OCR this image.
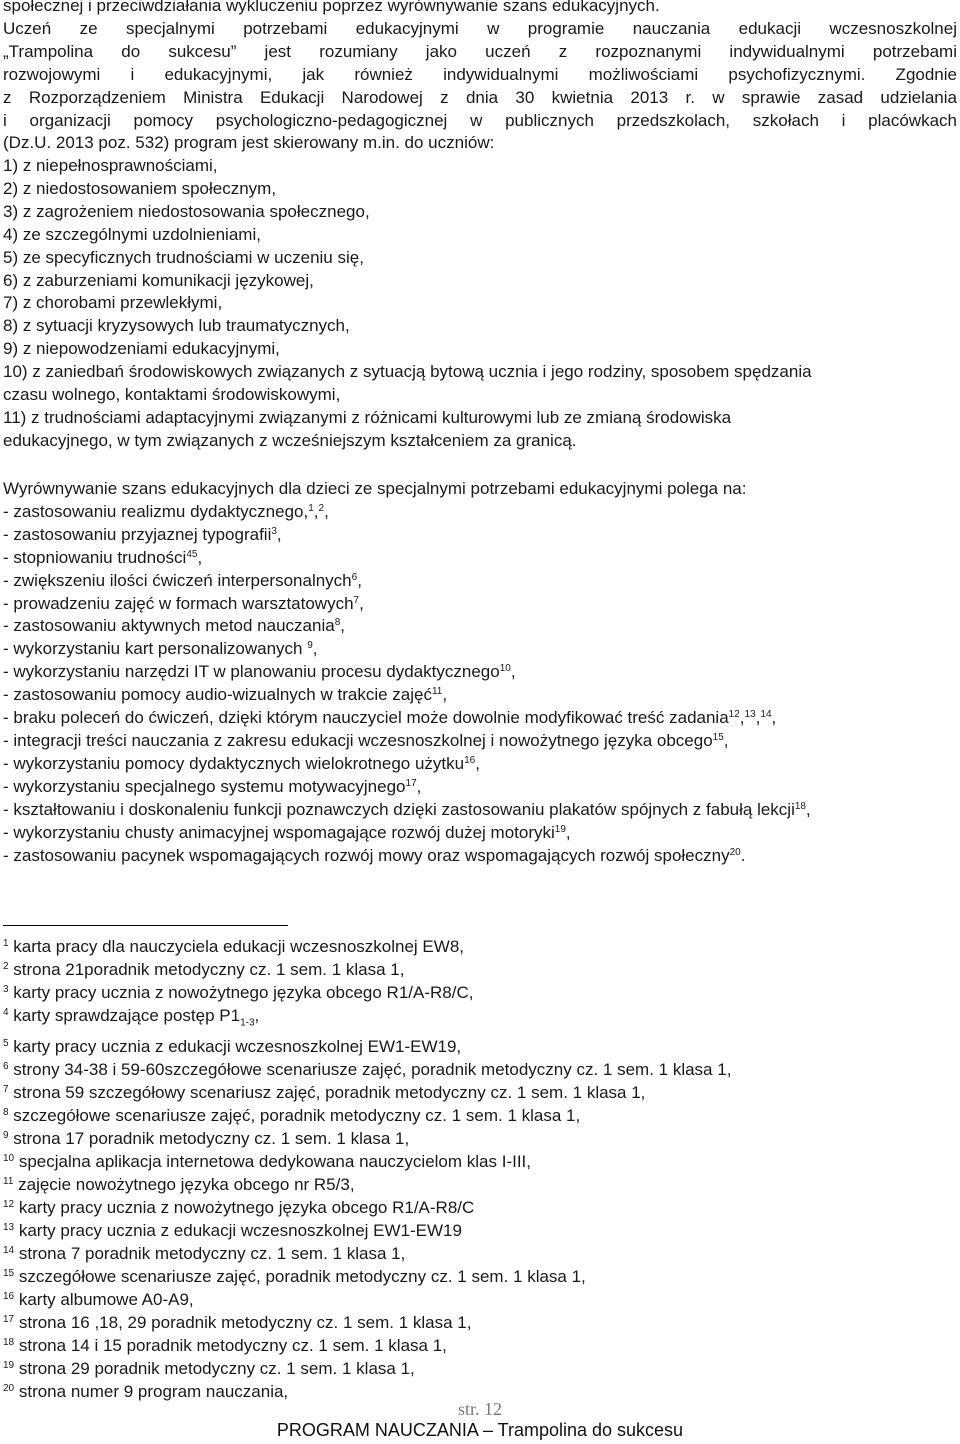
społecznej i przeciwdziałania wykluczeniu poprzez wyrównywanie szans edukacyjnych.
Uczeń ze specjalnymi potrzebami edukacyjnymi w programie nauczania edukacji wczesnoszkolnej
„Trampolina do sukcesu” jest rozumiany jako uczeń z rozpoznanymi indywidualnymi potrzebami
rozwojowymi i edukacyjnymi, jak również indywidualnymi możliwościami psychofizycznymi. Zgodnie
z Rozporządzeniem Ministra Edukacji Narodowej z dnia 30 kwietnia 2013 r. w sprawie zasad udzielania
i organizacji pomocy psychologiczno-pedagogicznej w publicznych przedszkolach, szkołach i placówkach
(Dz.U. 2013 poz. 532) program jest skierowany m.in. do uczniów:
1) z niepełnosprawnościami,
2) z niedostosowaniem społecznym,
3) z zagrożeniem niedostosowania społecznego,
4) ze szczególnymi uzdolnieniami,
5) ze specyficznych trudnościami w uczeniu się,
6) z zaburzeniami komunikacji językowej,
7) z chorobami przewlekłymi,
8) z sytuacji kryzysowych lub traumatycznych,
9) z niepowodzeniami edukacyjnymi,
10) z zaniedbań środowiskowych związanych z sytuacją bytową ucznia i jego rodziny, sposobem spędzania
czasu wolnego, kontaktami środowiskowymi,
11) z trudnościami adaptacyjnymi związanymi z różnicami kulturowymi lub ze zmianą środowiska
edukacyjnego, w tym związanych z wcześniejszym kształceniem za granicą.
Wyrównywanie szans edukacyjnych dla dzieci ze specjalnymi potrzebami edukacyjnymi polega na:
- zastosowaniu realizmu dydaktycznego,$^1$,$^2$,
- zastosowaniu przyjaznej typografii$^3$,
- stopniowaniu trudności$^{45}$,
- zwiększeniu ilości ćwiczeń interpersonalnych$^6$,
- prowadzeniu zajęć w formach warsztatowych$^7$,
- zastosowaniu aktywnych metod nauczania$^8$,
- wykorzystaniu kart personalizowanych $^9$,
- wykorzystaniu narzędzi IT w planowaniu procesu dydaktycznego$^{10}$,
- zastosowaniu pomocy audio-wizualnych w trakcie zajęć$^{11}$,
- braku poleceń do ćwiczeń, dzięki którym nauczyciel może dowolnie modyfikować treść zadania$^{12}$,$^{13}$,$^{14}$,
- integracji treści nauczania z zakresu edukacji wczesnoszkolnej i nowożytnego języka obcego$^{15}$,
- wykorzystaniu pomocy dydaktycznych wielokrotnego użytku$^{16}$,
- wykorzystaniu specjalnego systemu motywacyjnego$^{17}$,
- kształtowaniu i doskonaleniu funkcji poznawczych dzięki zastosowaniu plakatów spójnych z fabułą lekcji$^{18}$,
- wykorzystaniu chusty animacyjnej wspomagające rozwój dużej motoryki$^{19}$,
- zastosowaniu pacynek wspomagających rozwój mowy oraz wspomagających rozwój społeczny$^{20}$.
$^1$ karta pracy dla nauczyciela edukacji wczesnoszkolnej EW8,
$^2$ strona 21poradnik metodyczny cz. 1 sem. 1 klasa 1,
$^3$ karty pracy ucznia z nowożytnego języka obcego R1/A-R8/C,
$^4$ karty sprawdzające postęp $P1_{1-3}$,
$^5$ karty pracy ucznia z edukacji wczesnoszkolnej EW1-EW19,
$^6$ strony 34-38 i 59-60szczegółowe scenariusze zajęć, poradnik metodyczny cz. 1 sem. 1 klasa 1,
$^7$ strona 59 szczegółowy scenariusz zajęć, poradnik metodyczny cz. 1 sem. 1 klasa 1,
$^8$ szczegółowe scenariusze zajęć, poradnik metodyczny cz. 1 sem. 1 klasa 1,
$^9$ strona 17 poradnik metodyczny cz. 1 sem. 1 klasa 1,
$^{10}$ specjalna aplikacja internetowa dedykowana nauczycielom klas I-III,
$^{11}$ zajęcie nowożytnego języka obcego nr R5/3,
$^{12}$ karty pracy ucznia z nowożytnego języka obcego R1/A-R8/C
$^{13}$ karty pracy ucznia z edukacji wczesnoszkolnej EW1-EW19
$^{14}$ strona 7 poradnik metodyczny cz. 1 sem. 1 klasa 1,
$^{15}$ szczegółowe scenariusze zajęć, poradnik metodyczny cz. 1 sem. 1 klasa 1,
$^{16}$ karty albumowe A0-A9,
$^{17}$ strona 16 ,18, 29 poradnik metodyczny cz. 1 sem. 1 klasa 1,
$^{18}$ strona 14 i 15 poradnik metodyczny cz. 1 sem. 1 klasa 1,
$^{19}$ strona 29 poradnik metodyczny cz. 1 sem. 1 klasa 1,
$^{20}$ strona numer 9 program nauczania,
str. 12
PROGRAM NAUCZANIA – Trampolina do sukcesu
